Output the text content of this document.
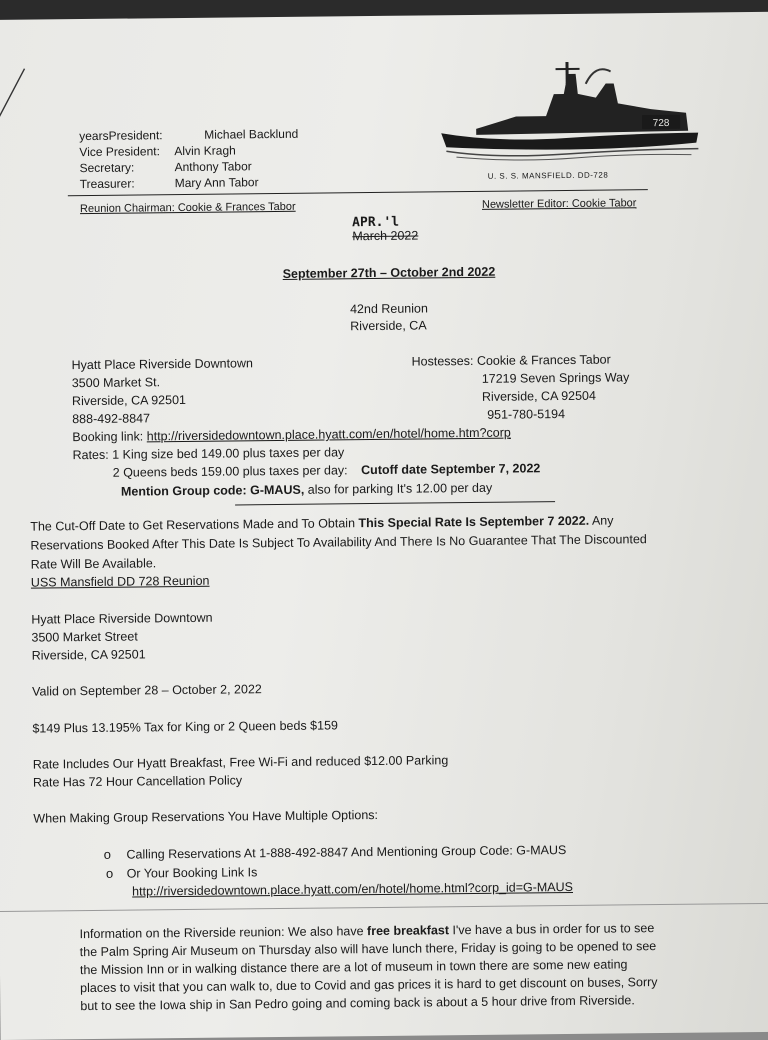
yearsPresident:	Michael Backlund
Vice President: Alvin Kragh
Secretary:	Anthony Tabor
Treasurer:	Mary Ann Tabor
728
U. S. S. MANSFIELD. DD-728
Reunion Chairman: Cookie & Frances Tabor	Newsletter Editor: Cookie Tabor
APR.'l
March 2022
September 27th – October 2nd 2022
42nd Reunion
Riverside, CA
Hyatt Place Riverside Downtown
3500 Market St.
Riverside, CA 92501
888-492-8847
Hostesses: Cookie & Frances Tabor
17219 Seven Springs Way
Riverside, CA 92504
951-780-5194
Booking link: http://riversidedowntown.place.hyatt.com/en/hotel/home.htm?corp
Rates: 1 King size bed 149.00 plus taxes per day
2 Queens beds 159.00 plus taxes per day: Cutoff date September 7, 2022
Mention Group code: G-MAUS, also for parking It's 12.00 per day
The Cut-Off Date to Get Reservations Made and To Obtain This Special Rate Is September 7 2022. Any
Reservations Booked After This Date Is Subject To Availability And There Is No Guarantee That The Discounted
Rate Will Be Available.
USS Mansfield DD 728 Reunion
Hyatt Place Riverside Downtown
3500 Market Street
Riverside, CA 92501
Valid on September 28 – October 2, 2022
$149 Plus 13.195% Tax for King or 2 Queen beds $159
Rate Includes Our Hyatt Breakfast, Free Wi-Fi and reduced $12.00 Parking
Rate Has 72 Hour Cancellation Policy
When Making Group Reservations You Have Multiple Options:
o Calling Reservations At 1-888-492-8847 And Mentioning Group Code: G-MAUS
o Or Your Booking Link Is
http://riversidedowntown.place.hyatt.com/en/hotel/home.html?corp_id=G-MAUS
Information on the Riverside reunion: We also have free breakfast I've have a bus in order for us to see
the Palm Spring Air Museum on Thursday also will have lunch there, Friday is going to be opened to see
the Mission Inn or in walking distance there are a lot of museum in town there are some new eating
places to visit that you can walk to, due to Covid and gas prices it is hard to get discount on buses, Sorry
but to see the Iowa ship in San Pedro going and coming back is about a 5 hour drive from Riverside.
